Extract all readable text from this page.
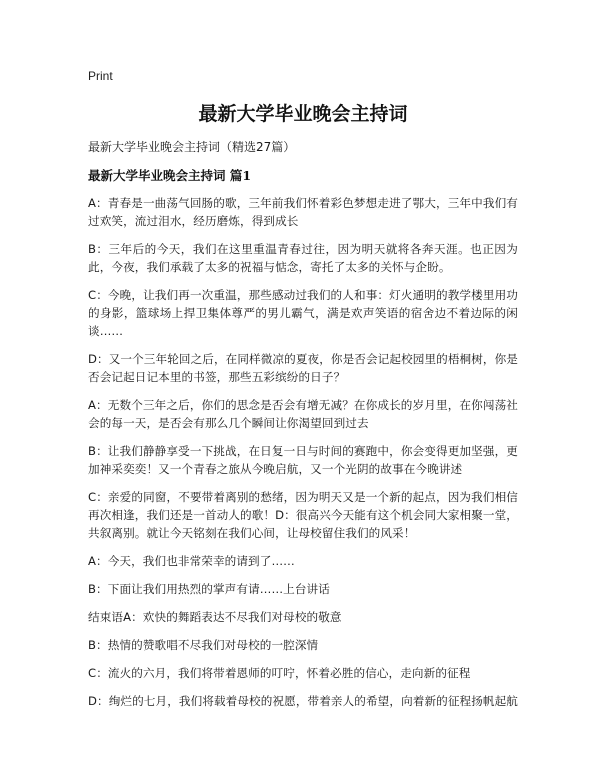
Print
最新大学毕业晚会主持词
最新大学毕业晚会主持词（精选27篇）
最新大学毕业晚会主持词 篇1

A：青春是一曲荡气回肠的歌，三年前我们怀着彩色梦想走进了鄂大，三年中我们有过欢笑，流过泪水，经历磨炼，得到成长

B：三年后的今天，我们在这里重温青春过往，因为明天就将各奔天涯。也正因为此，今夜，我们承载了太多的祝福与惦念，寄托了太多的关怀与企盼。

C：今晚，让我们再一次重温，那些感动过我们的人和事：灯火通明的教学楼里用功的身影，篮球场上捍卫集体尊严的男儿霸气，满是欢声笑语的宿舍边不着边际的闲谈……

D：又一个三年轮回之后，在同样微凉的夏夜，你是否会记起校园里的梧桐树，你是否会记起日记本里的书签，那些五彩缤纷的日子？

A：无数个三年之后，你们的思念是否会有增无减？在你成长的岁月里，在你闯荡社会的每一天，是否会有那么几个瞬间让你渴望回到过去

B：让我们静静享受一下挑战，在日复一日与时间的赛跑中，你会变得更加坚强，更加神采奕奕！又一个青春之旅从今晚启航，又一个光阴的故事在今晚讲述

C：亲爱的同窗，不要带着离别的愁绪，因为明天又是一个新的起点，因为我们相信再次相逢，我们还是一首动人的歌！D：很高兴今天能有这个机会同大家相聚一堂，共叙离别。就让今天铭刻在我们心间，让母校留住我们的风采！

A：今天，我们也非常荣幸的请到了……

B：下面让我们用热烈的掌声有请……上台讲话

结束语A：欢快的舞蹈表达不尽我们对母校的敬意

B：热情的赞歌唱不尽我们对母校的一腔深情

C：流火的六月，我们将带着恩师的叮咛，怀着必胜的信心，走向新的征程

D：绚烂的七月，我们将载着母校的祝愿，带着亲人的希望，向着新的征程扬帆起航
